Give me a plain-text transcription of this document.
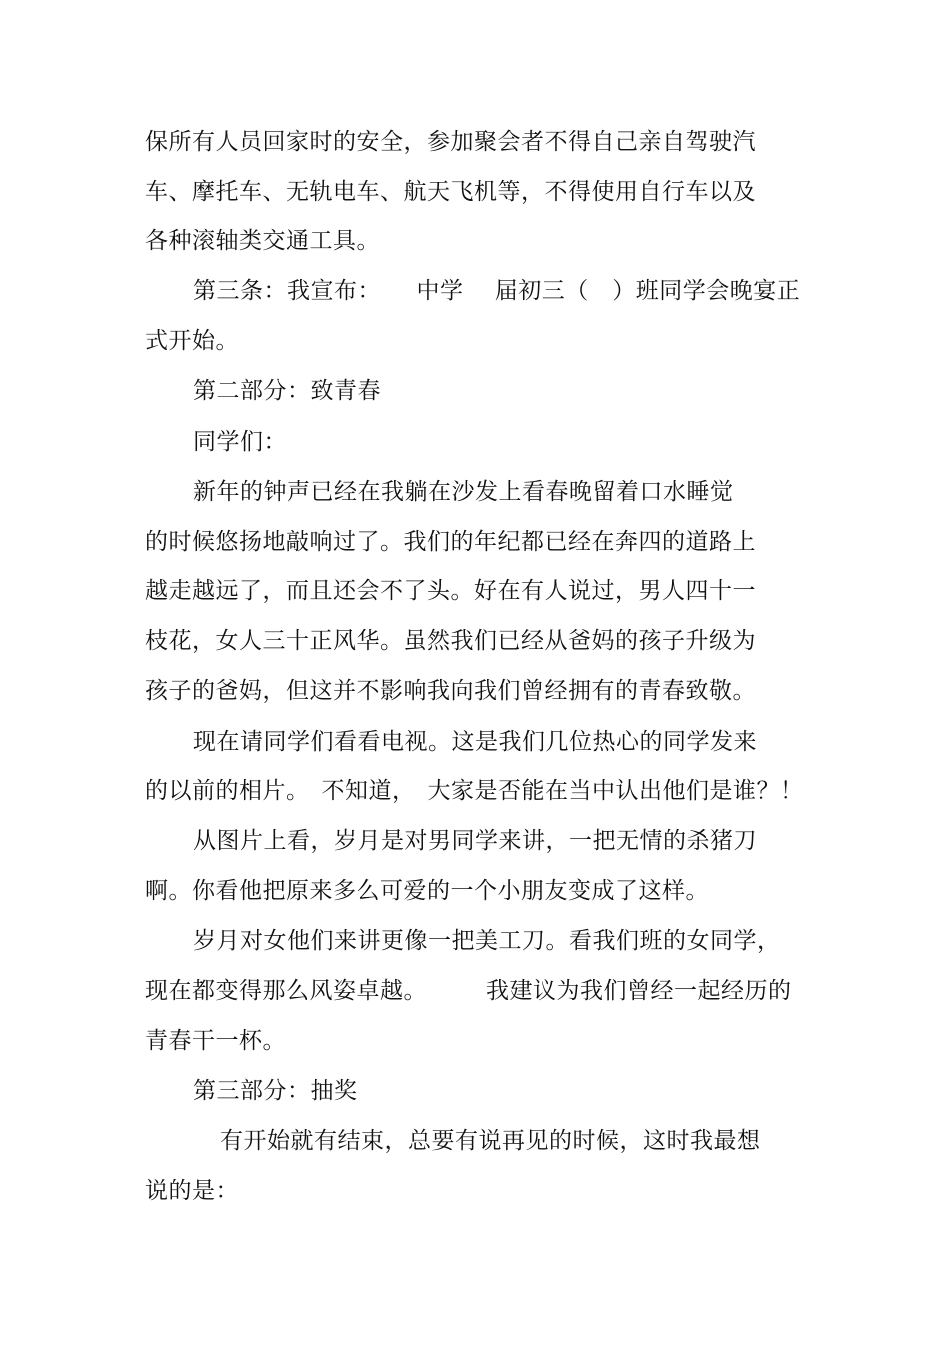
保所有人员回家时的安全，参加聚会者不得自己亲自驾驶汽
车、摩托车、无轨电车、航天飞机等，不得使用自行车以及
各种滚轴类交通工具。
第三条：我宣布：　　中学　 届初三（　）班同学会晚宴正
式开始。
第二部分：致青春
同学们：
新年的钟声已经在我躺在沙发上看春晚留着口水睡觉
的时候悠扬地敲响过了。我们的年纪都已经在奔四的道路上
越走越远了，而且还会不了头。好在有人说过，男人四十一
枝花，女人三十正风华。虽然我们已经从爸妈的孩子升级为
孩子的爸妈，但这并不影响我向我们曾经拥有的青春致敬。
现在请同学们看看电视。这是我们几位热心的同学发来
的以前的相片。　不知道，　大家是否能在当中认出他们是谁？！
从图片上看，岁月是对男同学来讲，一把无情的杀猪刀
啊。你看他把原来多么可爱的一个小朋友变成了这样。
岁月对女他们来讲更像一把美工刀。看我们班的女同学，
现在都变得那么风姿卓越。　　　我建议为我们曾经一起经历的
青春干一杯。
第三部分：抽奖
有开始就有结束，总要有说再见的时候，这时我最想
说的是：
